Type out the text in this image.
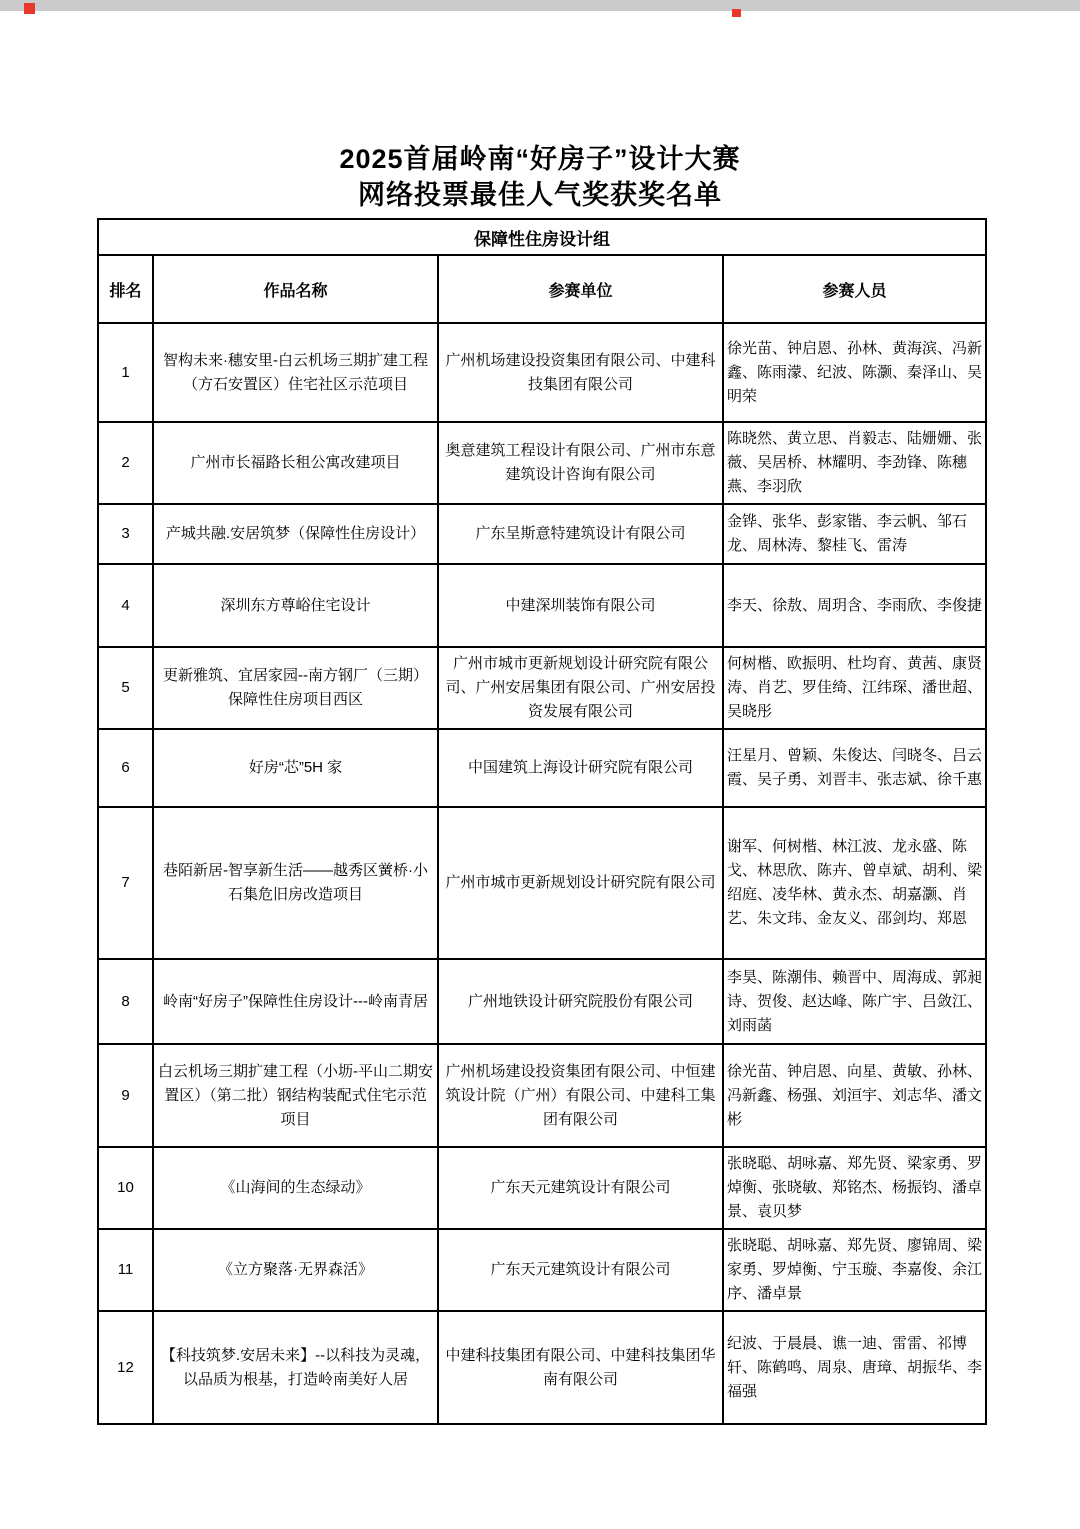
2025首届岭南“好房子”设计大赛
网络投票最佳人气奖获奖名单
保障性住房设计组			
排名	作品名称	参赛单位	参赛人员
1	智构未来·穗安里-白云机场三期扩建工程（方石安置区）住宅社区示范项目	广州机场建设投资集团有限公司、中建科技集团有限公司	徐光苗、钟启恩、孙林、黄海滨、冯新鑫、陈雨濛、纪波、陈灏、秦泽山、吴明荣
2	广州市长福路长租公寓改建项目	奥意建筑工程设计有限公司、广州市东意建筑设计咨询有限公司	陈晓然、黄立思、肖毅志、陆姗姗、张薇、吴居桥、林耀明、李劲锋、陈穗燕、李羽欣
3	产城共融.安居筑梦（保障性住房设计）	广东呈斯意特建筑设计有限公司	金铧、张华、彭家锴、李云帆、邹石龙、周林涛、黎桂飞、雷涛
4	深圳东方尊峪住宅设计	中建深圳装饰有限公司	李天、徐敖、周玥含、李雨欣、李俊捷
5	更新雅筑、宜居家园--南方钢厂（三期）保障性住房项目西区	广州市城市更新规划设计研究院有限公司、广州安居集团有限公司、广州安居投资发展有限公司	何树楷、欧振明、杜均育、黄茜、康贤涛、肖艺、罗佳绮、江纬琛、潘世超、吴晓彤
6	好房“芯”5H 家	中国建筑上海设计研究院有限公司	汪星月、曾颖、朱俊达、闫晓冬、吕云霞、吴子勇、刘晋丰、张志斌、徐千惠
7	巷陌新居-智享新生活——越秀区黉桥·小石集危旧房改造项目	广州市城市更新规划设计研究院有限公司	谢军、何树楷、林江波、龙永盛、陈戈、林思欣、陈卉、曾卓斌、胡利、梁绍庭、凌华林、黄永杰、胡嘉灏、肖艺、朱文玮、金友义、邵剑均、郑恩
8	岭南“好房子”保障性住房设计---岭南青居	广州地铁设计研究院股份有限公司	李昊、陈潮伟、赖晋中、周海成、郭昶诗、贺俊、赵达峰、陈广宇、吕敛江、刘雨菡
9	白云机场三期扩建工程（小坜-平山二期安置区）（第二批）钢结构装配式住宅示范项目	广州机场建设投资集团有限公司、中恒建筑设计院（广州）有限公司、中建科工集团有限公司	徐光苗、钟启恩、向星、黄敏、孙林、冯新鑫、杨强、刘洹宇、刘志华、潘文彬
10	《山海间的生态绿动》	广东天元建筑设计有限公司	张晓聪、胡咏嘉、郑先贤、梁家勇、罗焯衡、张晓敏、郑铭杰、杨振钧、潘卓景、袁贝梦
11	《立方聚落·无界森活》	广东天元建筑设计有限公司	张晓聪、胡咏嘉、郑先贤、廖锦周、梁家勇、罗焯衡、宁玉璇、李嘉俊、余江序、潘卓景
12	【科技筑梦.安居未来】--以科技为灵魂，以品质为根基，打造岭南美好人居	中建科技集团有限公司、中建科技集团华南有限公司	纪波、于晨晨、谯一迪、雷雷、祁博轩、陈鹤鸣、周泉、唐璋、胡振华、李福强
